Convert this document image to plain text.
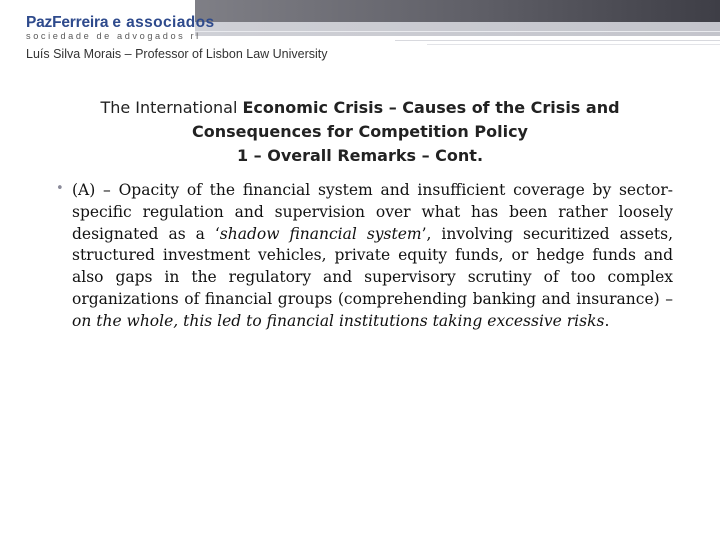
PazFerreira e associados
sociedade de advogados rl
Luís Silva Morais – Professor of Lisbon Law University
The International Economic Crisis – Causes of the Crisis and
Consequences for Competition Policy
1 – Overall Remarks – Cont.
• (A) – Opacity of the financial system and insufficient coverage by sector-specific regulation and supervision over what has been rather loosely designated as a ‘shadow financial system’, involving securitized assets, structured investment vehicles, private equity funds, or hedge funds and also gaps in the regulatory and supervisory scrutiny of too complex organizations of financial groups (comprehending banking and insurance) – on the whole, this led to financial institutions taking excessive risks.
